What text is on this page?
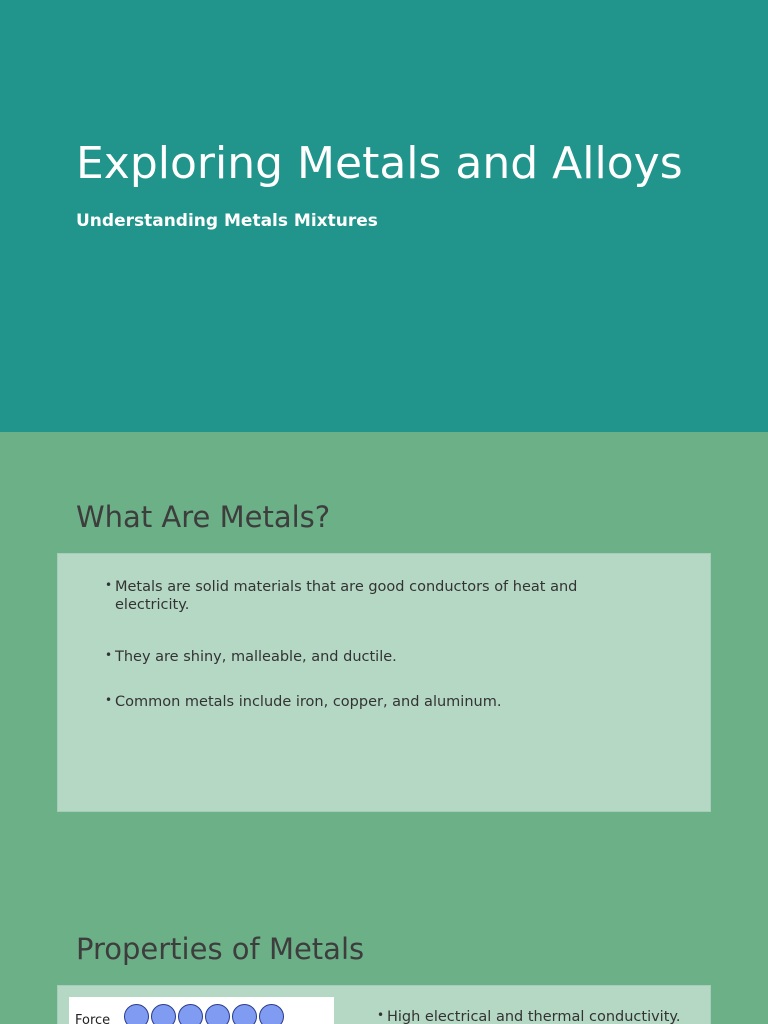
Exploring Metals and Alloys

Understanding Metals Mixtures

What Are Metals?
• Metals are solid materials that are good conductors of heat and electricity.
• They are shiny, malleable, and ductile.
• Common metals include iron, copper, and aluminum.
Properties of Metals
Force	• High electrical and thermal conductivity.
